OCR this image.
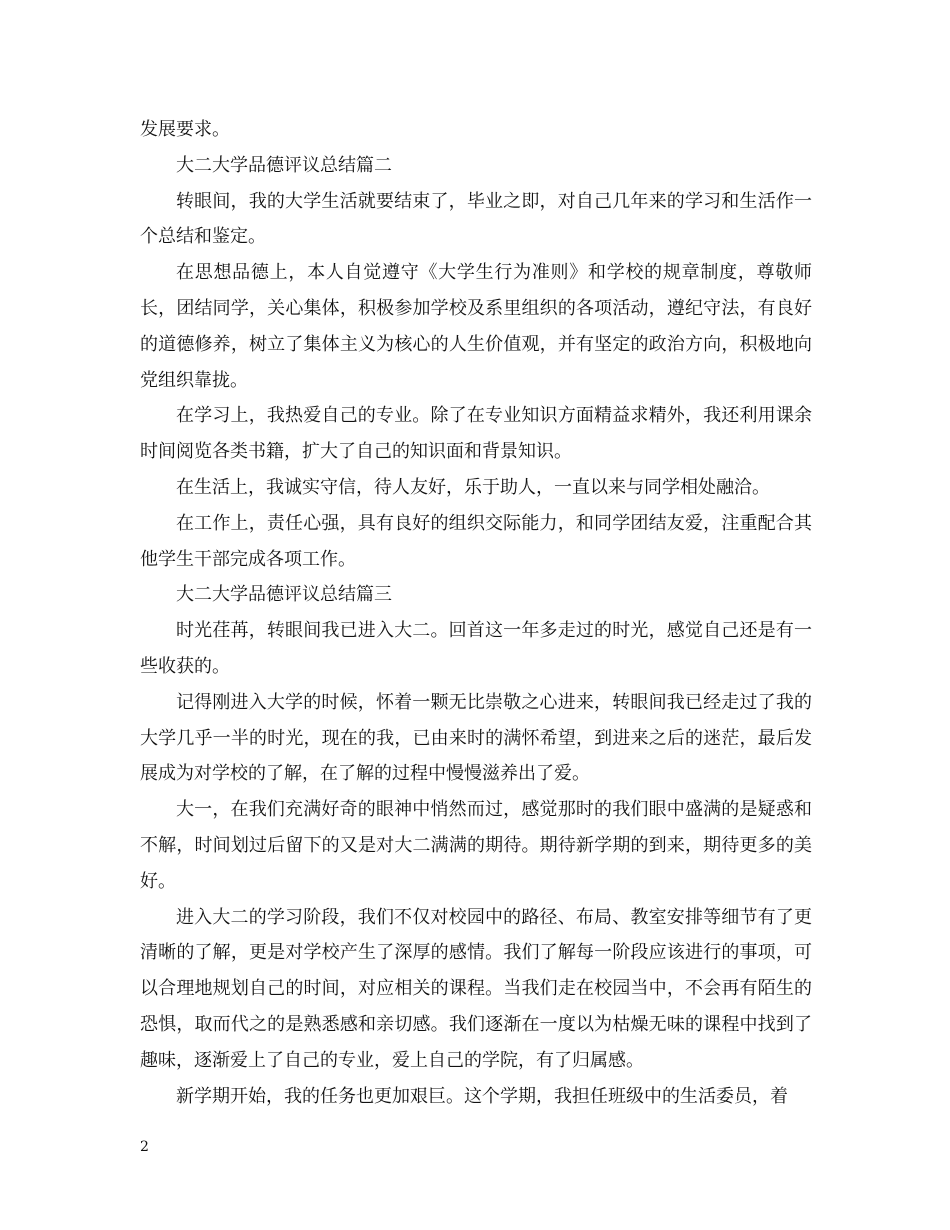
发展要求。

大二大学品德评议总结篇二

转眼间，我的大学生活就要结束了，毕业之即，对自己几年来的学习和生活作一个总结和鉴定。

在思想品德上，本人自觉遵守《大学生行为准则》和学校的规章制度，尊敬师长，团结同学，关心集体，积极参加学校及系里组织的各项活动，遵纪守法，有良好的道德修养，树立了集体主义为核心的人生价值观，并有坚定的政治方向，积极地向党组织靠拢。

在学习上，我热爱自己的专业。除了在专业知识方面精益求精外，我还利用课余时间阅览各类书籍，扩大了自己的知识面和背景知识。

在生活上，我诚实守信，待人友好，乐于助人，一直以来与同学相处融洽。

在工作上，责任心强，具有良好的组织交际能力，和同学团结友爱，注重配合其他学生干部完成各项工作。

大二大学品德评议总结篇三

时光荏苒，转眼间我已进入大二。回首这一年多走过的时光，感觉自己还是有一些收获的。

记得刚进入大学的时候，怀着一颗无比崇敬之心进来，转眼间我已经走过了我的大学几乎一半的时光，现在的我，已由来时的满怀希望，到进来之后的迷茫，最后发展成为对学校的了解，在了解的过程中慢慢滋养出了爱。

大一，在我们充满好奇的眼神中悄然而过，感觉那时的我们眼中盛满的是疑惑和不解，时间划过后留下的又是对大二满满的期待。期待新学期的到来，期待更多的美好。

进入大二的学习阶段，我们不仅对校园中的路径、布局、教室安排等细节有了更清晰的了解，更是对学校产生了深厚的感情。我们了解每一阶段应该进行的事项，可以合理地规划自己的时间，对应相关的课程。当我们走在校园当中，不会再有陌生的恐惧，取而代之的是熟悉感和亲切感。我们逐渐在一度以为枯燥无味的课程中找到了趣味，逐渐爱上了自己的专业，爱上自己的学院，有了归属感。

新学期开始，我的任务也更加艰巨。这个学期，我担任班级中的生活委员，着

2
